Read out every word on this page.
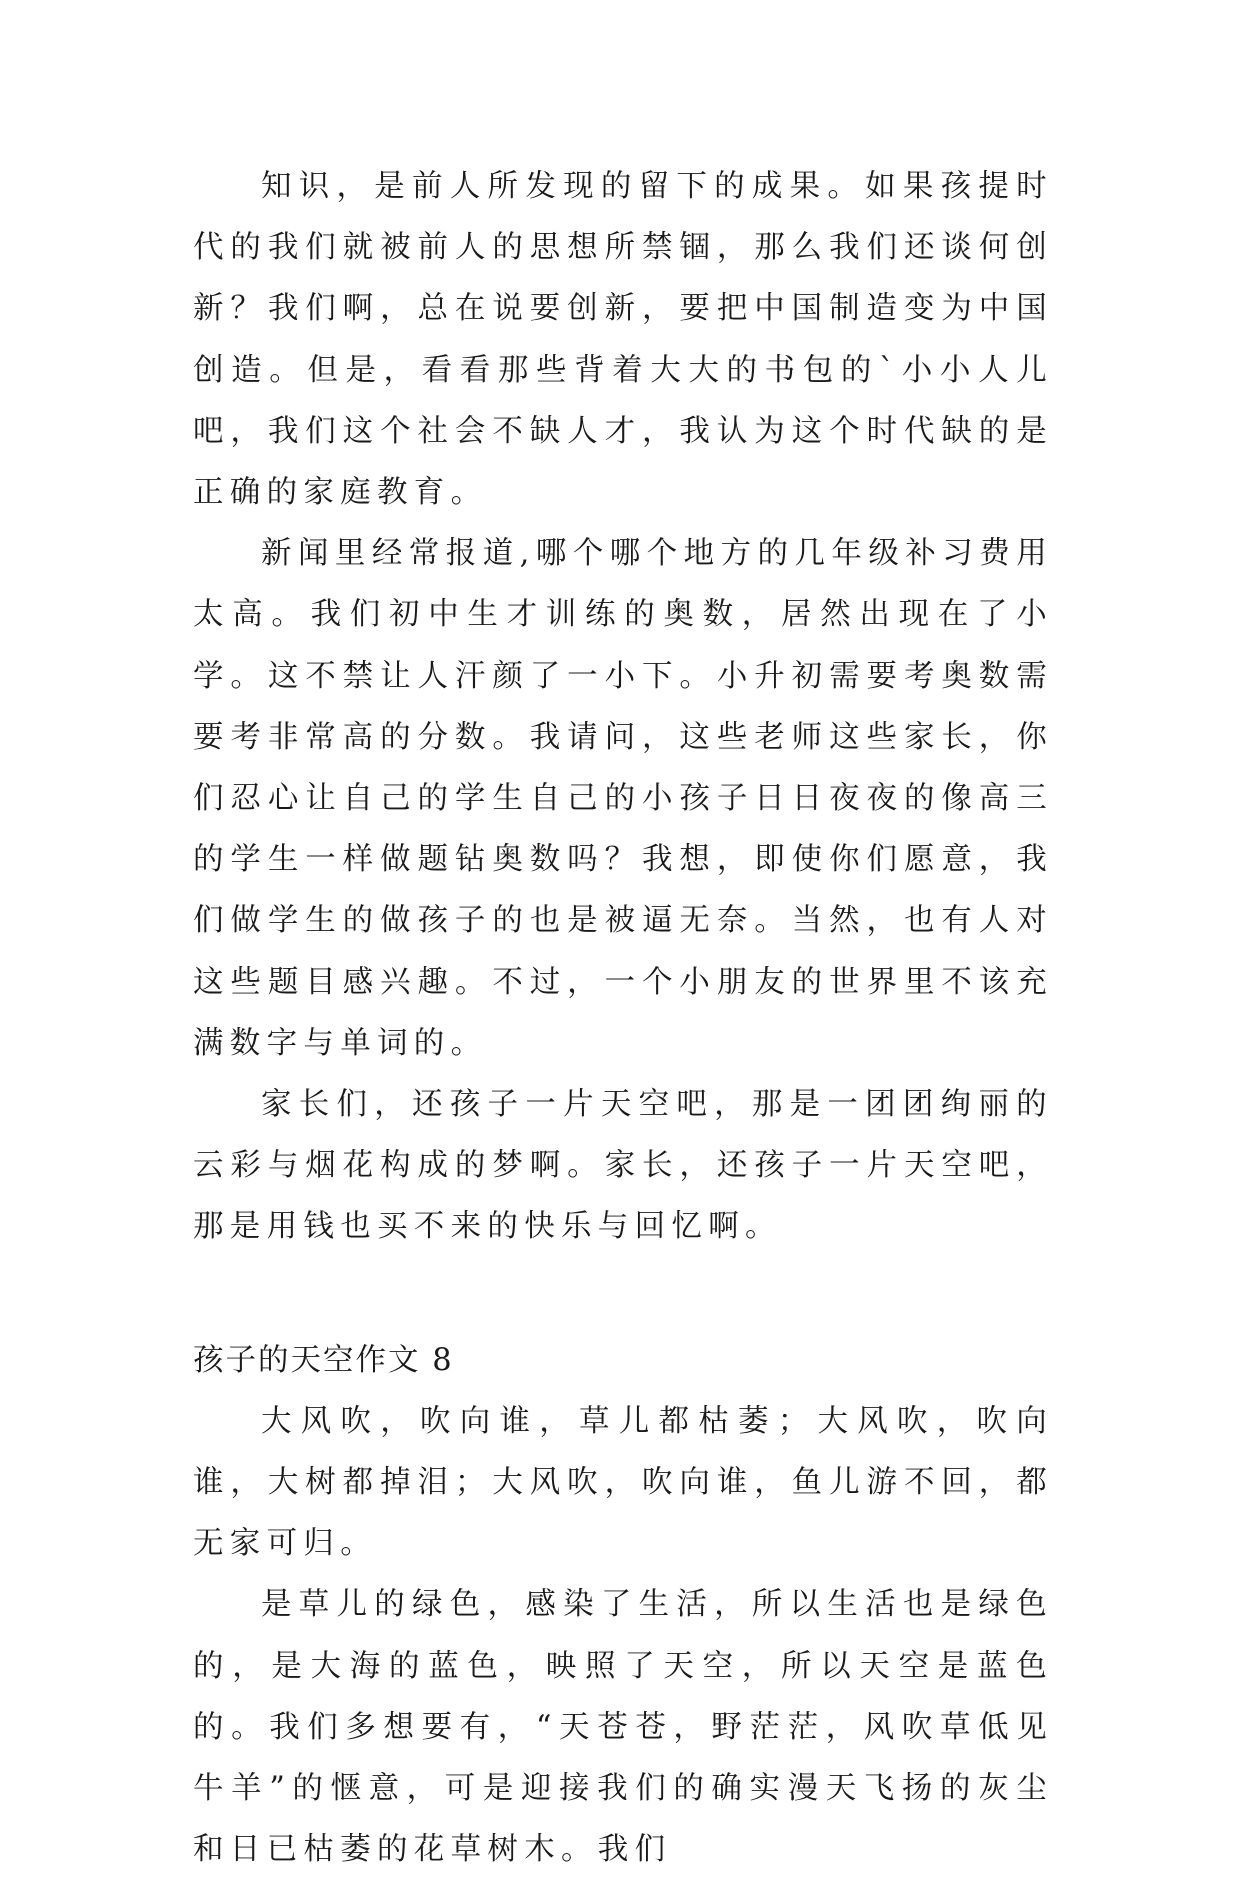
知识，是前人所发现的留下的成果。如果孩提时代的我们就被前人的思想所禁锢，那么我们还谈何创新？我们啊，总在说要创新，要把中国制造变为中国创造。但是，看看那些背着大大的书包的`小小人儿吧，我们这个社会不缺人才，我认为这个时代缺的是正确的家庭教育。

新闻里经常报道,哪个哪个地方的几年级补习费用太高。我们初中生才训练的奥数，居然出现在了小学。这不禁让人汗颜了一小下。小升初需要考奥数需要考非常高的分数。我请问，这些老师这些家长，你们忍心让自己的学生自己的小孩子日日夜夜的像高三的学生一样做题钻奥数吗？我想，即使你们愿意，我们做学生的做孩子的也是被逼无奈。当然，也有人对这些题目感兴趣。不过，一个小朋友的世界里不该充满数字与单词的。

家长们，还孩子一片天空吧，那是一团团绚丽的云彩与烟花构成的梦啊。家长，还孩子一片天空吧，那是用钱也买不来的快乐与回忆啊。

孩子的天空作文 8

大风吹，吹向谁，草儿都枯萎；大风吹，吹向谁，大树都掉泪；大风吹，吹向谁，鱼儿游不回，都无家可归。

是草儿的绿色，感染了生活，所以生活也是绿色的，是大海的蓝色，映照了天空，所以天空是蓝色的。我们多想要有，“天苍苍，野茫茫，风吹草低见牛羊”的惬意，可是迎接我们的确实漫天飞扬的灰尘和日已枯萎的花草树木。我们
